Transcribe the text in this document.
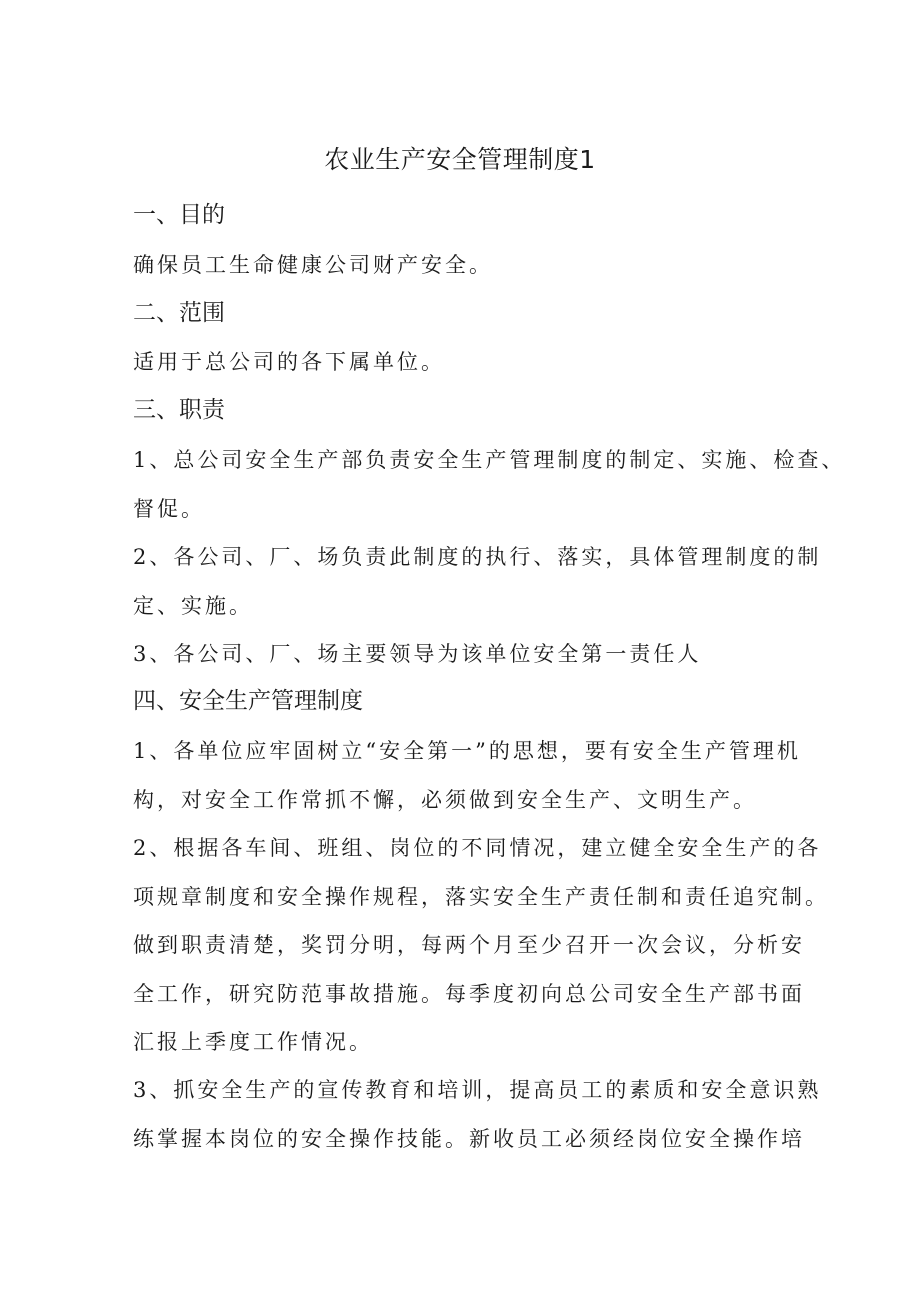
农业生产安全管理制度1
一、目的
确保员工生命健康公司财产安全。
二、范围
适用于总公司的各下属单位。
三、职责
1、总公司安全生产部负责安全生产管理制度的制定、实施、检查、
督促。
2、各公司、厂、场负责此制度的执行、落实，具体管理制度的制
定、实施。
3、各公司、厂、场主要领导为该单位安全第一责任人
四、安全生产管理制度
1、各单位应牢固树立“安全第一”的思想，要有安全生产管理机
构，对安全工作常抓不懈，必须做到安全生产、文明生产。
2、根据各车间、班组、岗位的不同情况，建立健全安全生产的各
项规章制度和安全操作规程，落实安全生产责任制和责任追究制。
做到职责清楚，奖罚分明，每两个月至少召开一次会议，分析安
全工作，研究防范事故措施。每季度初向总公司安全生产部书面
汇报上季度工作情况。
3、抓安全生产的宣传教育和培训，提高员工的素质和安全意识熟
练掌握本岗位的安全操作技能。新收员工必须经岗位安全操作培
